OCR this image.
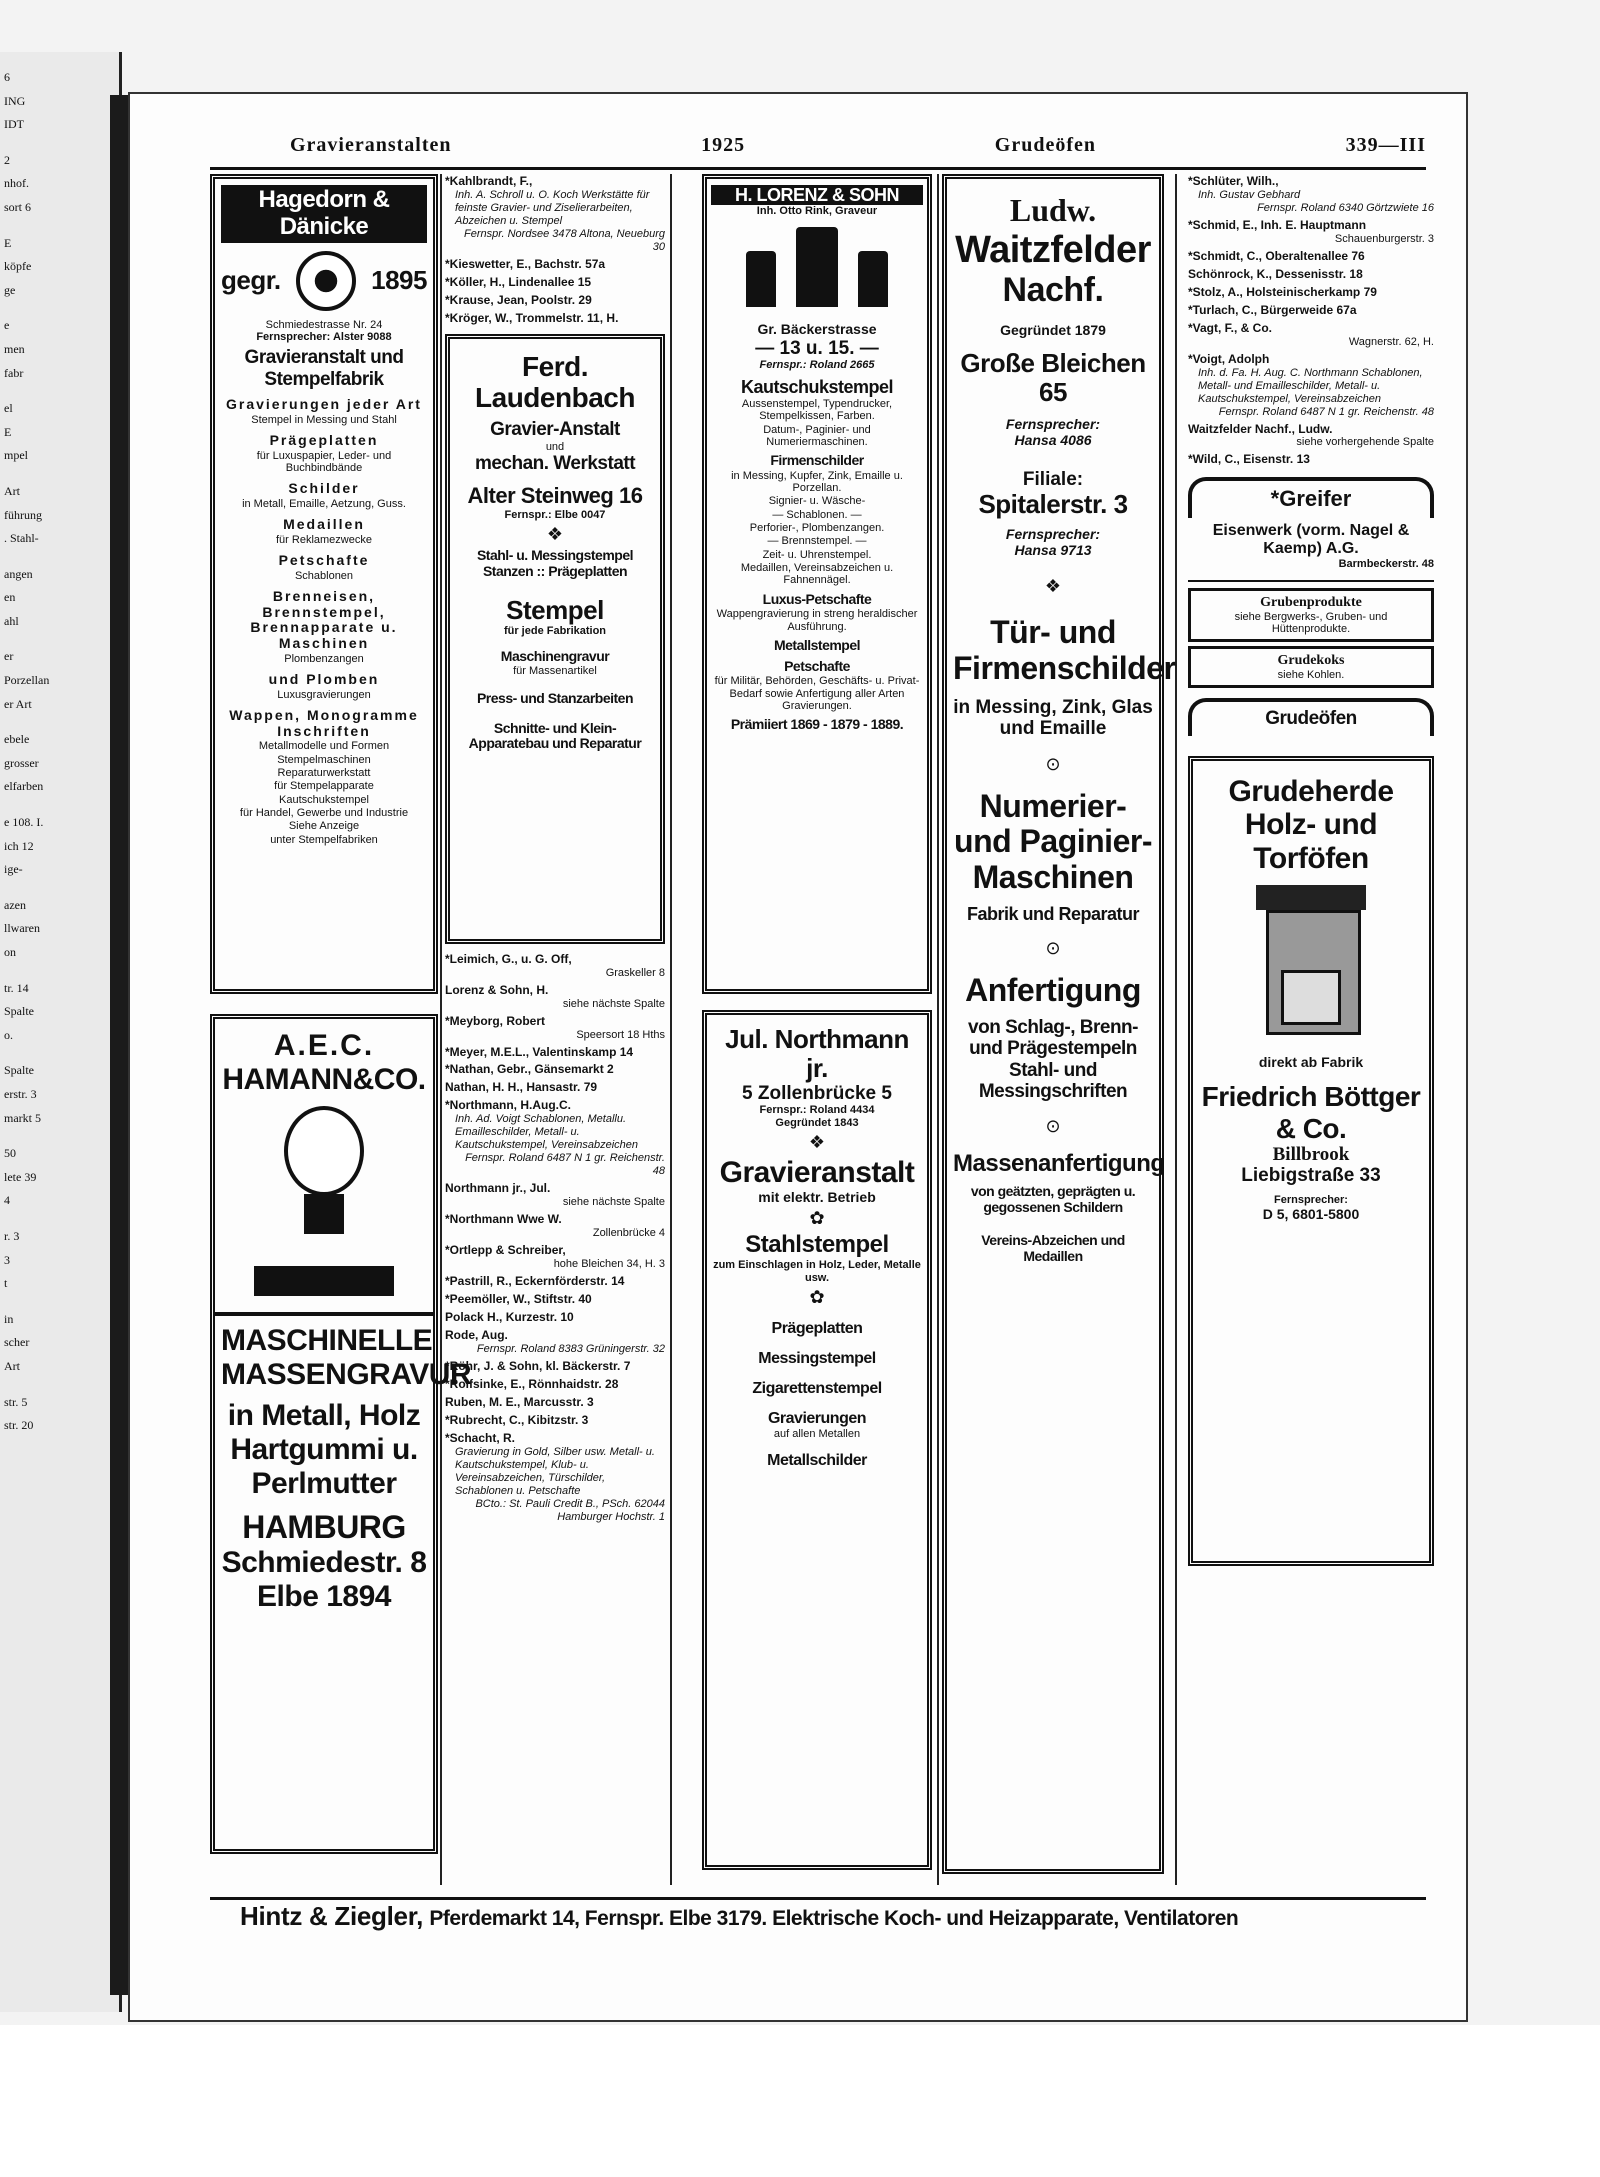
6
ING
IDT
2
nhof.
sort 6
E
köpfe
ge
e
men
fabr
el
E
mpel
Art
führung
. Stahl-
angen
en
ahl
er
Porzellan
er Art
ebele
grosser
elfarben
e 108. I.
ich 12
ige-
azen
llwaren
on
tr. 14
Spalte
o.
Spalte
erstr. 3
markt 5
50
lete 39
4
r. 3
3
t
in
scher
Art
str. 5
str. 20
Gravieranstalten	1925	Grudeöfen	339—III
Hagedorn & Dänicke
gegr.	1895
Schmiedestrasse Nr. 24
Fernsprecher: Alster 9088
Gravieranstalt und Stempelfabrik
Gravierungen jeder Art
Stempel in Messing und Stahl
Prägeplatten
für Luxuspapier, Leder- und Buchbindbände
Schilder
in Metall, Emaille, Aetzung, Guss.
Medaillen
für Reklamezwecke
Petschafte
Schablonen
Brenneisen, Brennstempel, Brennapparate u. Maschinen
Plombenzangen
und Plomben
Luxusgravierungen
Wappen, Monogramme Inschriften
Metallmodelle und Formen
Stempelmaschinen
Reparaturwerkstatt
für Stempelapparate
Kautschukstempel
für Handel, Gewerbe und Industrie
Siehe Anzeige
unter Stempelfabriken
A.E.C.
HAMANN&CO.
MASCHINELLE MASSENGRAVUR
in Metall, Holz Hartgummi u. Perlmutter
HAMBURG
Schmiedestr. 8
Elbe 1894
*Kahlbrandt, F.,
Inh. A. Schroll u. O. Koch Werkstätte für feinste Gravier- und Ziselierarbeiten, Abzeichen u. Stempel
Fernspr. Nordsee 3478 Altona, Neueburg 30
*Kieswetter, E., Bachstr. 57a
*Köller, H., Lindenallee 15
*Krause, Jean, Poolstr. 29
*Kröger, W., Trommelstr. 11, H.
Ferd. Laudenbach
Gravier-Anstalt
und
mechan. Werkstatt
Alter Steinweg 16
Fernspr.: Elbe 0047
❖
Stahl- u. Messingstempel
Stanzen :: Prägeplatten
Stempel
für jede Fabrikation
Maschinengravur
für Massenartikel
Press- und Stanzarbeiten
Schnitte- und Klein-Apparatebau und Reparatur
*Leimich, G., u. G. Off,
Graskeller 8
Lorenz & Sohn, H.
siehe nächste Spalte
*Meyborg, Robert
Speersort 18 Hths
*Meyer, M.E.L., Valentinskamp 14
*Nathan, Gebr., Gänsemarkt 2
Nathan, H. H., Hansastr. 79
*Northmann, H.Aug.C.
Inh. Ad. Voigt Schablonen, Metallu. Emailleschilder, Metall- u. Kautschukstempel, Vereinsabzeichen
Fernspr. Roland 6487 N 1 gr. Reichenstr. 48
Northmann jr., Jul.
siehe nächste Spalte
*Northmann Wwe W.
Zollenbrücke 4
*Ortlepp & Schreiber,
hohe Bleichen 34, H. 3
*Pastrill, R., Eckernförderstr. 14
*Peemöller, W., Stiftstr. 40
Polack H., Kurzestr. 10
Rode, Aug.
Fernspr. Roland 8383 Grüningerstr. 32
*Röhr, J. & Sohn, kl. Bäckerstr. 7
*Rolfsinke, E., Rönnhaidstr. 28
Ruben, M. E., Marcusstr. 3
*Rubrecht, C., Kibitzstr. 3
*Schacht, R.
Gravierung in Gold, Silber usw. Metall- u. Kautschukstempel, Klub- u. Vereinsabzeichen, Türschilder, Schablonen u. Petschafte
BCto.: St. Pauli Credit B., PSch. 62044 Hamburger Hochstr. 1
H. LORENZ & SOHN
Inh. Otto Rink, Graveur

Gr. Bäckerstrasse
— 13 u. 15. —
Fernspr.: Roland 2665
Kautschukstempel
Aussenstempel, Typendrucker, Stempelkissen, Farben.
Datum-, Paginier- und Numeriermaschinen.
Firmenschilder
in Messing, Kupfer, Zink, Emaille u. Porzellan.
Signier- u. Wäsche-
— Schablonen. —
Perforier-, Plombenzangen.
— Brennstempel. —
Zeit- u. Uhrenstempel.
Medaillen, Vereinsabzeichen u. Fahnennägel.
Luxus-Petschafte
Wappengravierung in streng heraldischer Ausführung.
Metallstempel
Petschafte
für Militär, Behörden, Geschäfts- u. Privat-Bedarf sowie Anfertigung aller Arten Gravierungen.
Prämiiert 1869 - 1879 - 1889.
Jul. Northmann jr.
5 Zollenbrücke 5
Fernspr.: Roland 4434
Gegründet 1843
❖
Gravieranstalt
mit elektr. Betrieb
✿
Stahlstempel
zum Einschlagen in Holz, Leder, Metalle usw.
✿
Prägeplatten
Messingstempel
Zigarettenstempel
Gravierungen
auf allen Metallen
Metallschilder
Ludw.
Waitzfelder
Nachf.
Gegründet 1879
Große Bleichen 65
Fernsprecher:
Hansa 4086
Filiale:
Spitalerstr. 3
Fernsprecher:
Hansa 9713
❖
Tür- und Firmenschilder
in Messing, Zink, Glas und Emaille
⊙
Numerier- und Paginier-Maschinen
Fabrik und Reparatur
⊙
Anfertigung
von Schlag-, Brenn- und Prägestempeln Stahl- und Messingschriften
⊙
Massenanfertigung
von geätzten, geprägten u. gegossenen Schildern
Vereins-Abzeichen und Medaillen
*Schlüter, Wilh.,
Inh. Gustav Gebhard
Fernspr. Roland 6340 Görtzwiete 16
*Schmid, E., Inh. E. Hauptmann
Schauenburgerstr. 3
*Schmidt, C., Oberaltenallee 76
Schönrock, K., Dessenisstr. 18
*Stolz, A., Holsteinischerkamp 79
*Turlach, C., Bürgerweide 67a
*Vagt, F., & Co.
Wagnerstr. 62, H.
*Voigt, Adolph
Inh. d. Fa. H. Aug. C. Northmann Schablonen, Metall- und Emailleschilder, Metall- u. Kautschukstempel, Vereinsabzeichen
Fernspr. Roland 6487 N 1 gr. Reichenstr. 48
Waitzfelder Nachf., Ludw.
siehe vorhergehende Spalte
*Wild, C., Eisenstr. 13
*Greifer
Eisenwerk (vorm. Nagel & Kaemp) A.G.
Barmbeckerstr. 48
Grubenprodukte
siehe Bergwerks-, Gruben- und Hüttenprodukte.
Grudekoks
siehe Kohlen.
Grudeöfen
Grudeherde Holz- und Torföfen
direkt ab Fabrik
Friedrich Böttger & Co.
Billbrook
Liebigstraße 33
Fernsprecher:
D 5, 6801-5800
Hintz & Ziegler, Pferdemarkt 14, Fernspr. Elbe 3179. Elektrische Koch- und Heizapparate, Ventilatoren
